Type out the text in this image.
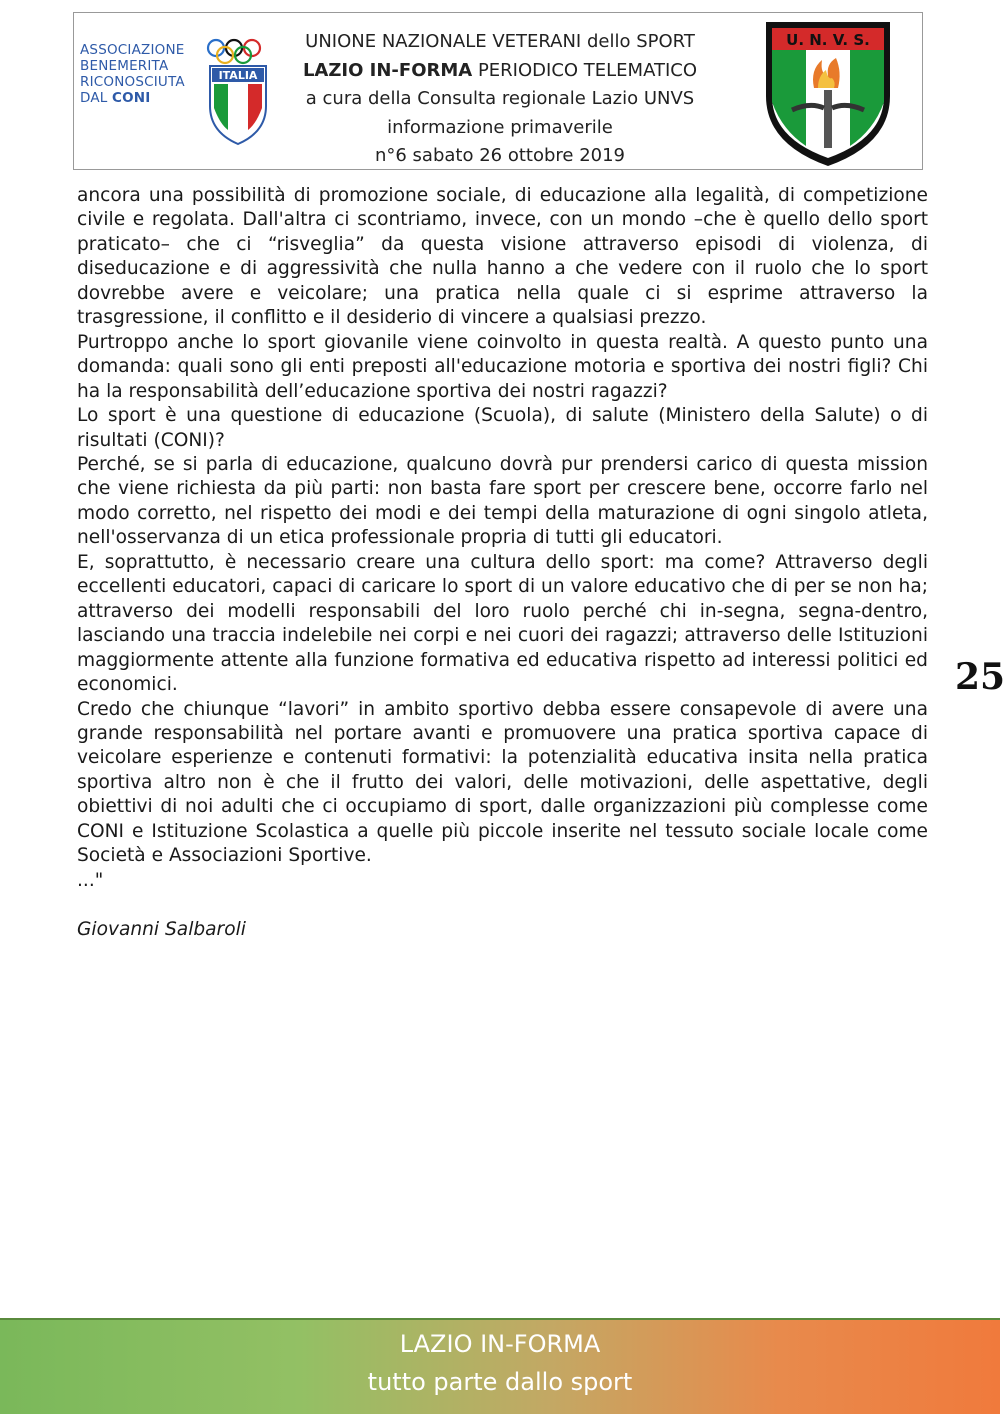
ASSOCIAZIONE
BENEMERITA
RICONOSCIUTA
DAL CONI
ITALIA
UNIONE NAZIONALE VETERANI dello SPORT
LAZIO IN-FORMA PERIODICO TELEMATICO
a cura della Consulta regionale Lazio UNVS
informazione primaverile
n°6 sabato 26 ottobre 2019
U. N. V. S.

ancora una possibilità di promozione sociale, di educazione alla legalità, di competizione civile e regolata. Dall'altra ci scontriamo, invece, con un mondo –che è quello dello sport praticato– che ci “risveglia” da questa visione attraverso episodi di violenza, di diseducazione e di aggressività che nulla hanno a che vedere con il ruolo che lo sport dovrebbe avere e veicolare; una pratica nella quale ci si esprime attraverso la trasgressione, il conflitto e il desiderio di vincere a qualsiasi prezzo.

Purtroppo anche lo sport giovanile viene coinvolto in questa realtà. A questo punto una domanda: quali sono gli enti preposti all'educazione motoria e sportiva dei nostri figli? Chi ha la responsabilità dell’educazione sportiva dei nostri ragazzi?

Lo sport è una questione di educazione (Scuola), di salute (Ministero della Salute) o di risultati (CONI)?

Perché, se si parla di educazione, qualcuno dovrà pur prendersi carico di questa mission che viene richiesta da più parti: non basta fare sport per crescere bene, occorre farlo nel modo corretto, nel rispetto dei modi e dei tempi della maturazione di ogni singolo atleta, nell'osservanza di un etica professionale propria di tutti gli educatori.

E, soprattutto, è necessario creare una cultura dello sport: ma come? Attraverso degli eccellenti educatori, capaci di caricare lo sport di un valore educativo che di per se non ha; attraverso dei modelli responsabili del loro ruolo perché chi in-segna, segna-dentro, lasciando una traccia indelebile nei corpi e nei cuori dei ragazzi; attraverso delle Istituzioni maggiormente attente alla funzione formativa ed educativa rispetto ad interessi politici ed economici.

Credo che chiunque “lavori” in ambito sportivo debba essere consapevole di avere una grande responsabilità nel portare avanti e promuovere una pratica sportiva capace di veicolare esperienze e contenuti formativi: la potenzialità educativa insita nella pratica sportiva altro non è che il frutto dei valori, delle motivazioni, delle aspettative, degli obiettivi di noi adulti che ci occupiamo di sport, dalle organizzazioni più complesse come CONI e Istituzione Scolastica a quelle più piccole inserite nel tessuto sociale locale come Società e Associazioni Sportive.

..."

Giovanni Salbaroli

25
LAZIO IN-FORMA
tutto parte dallo sport
